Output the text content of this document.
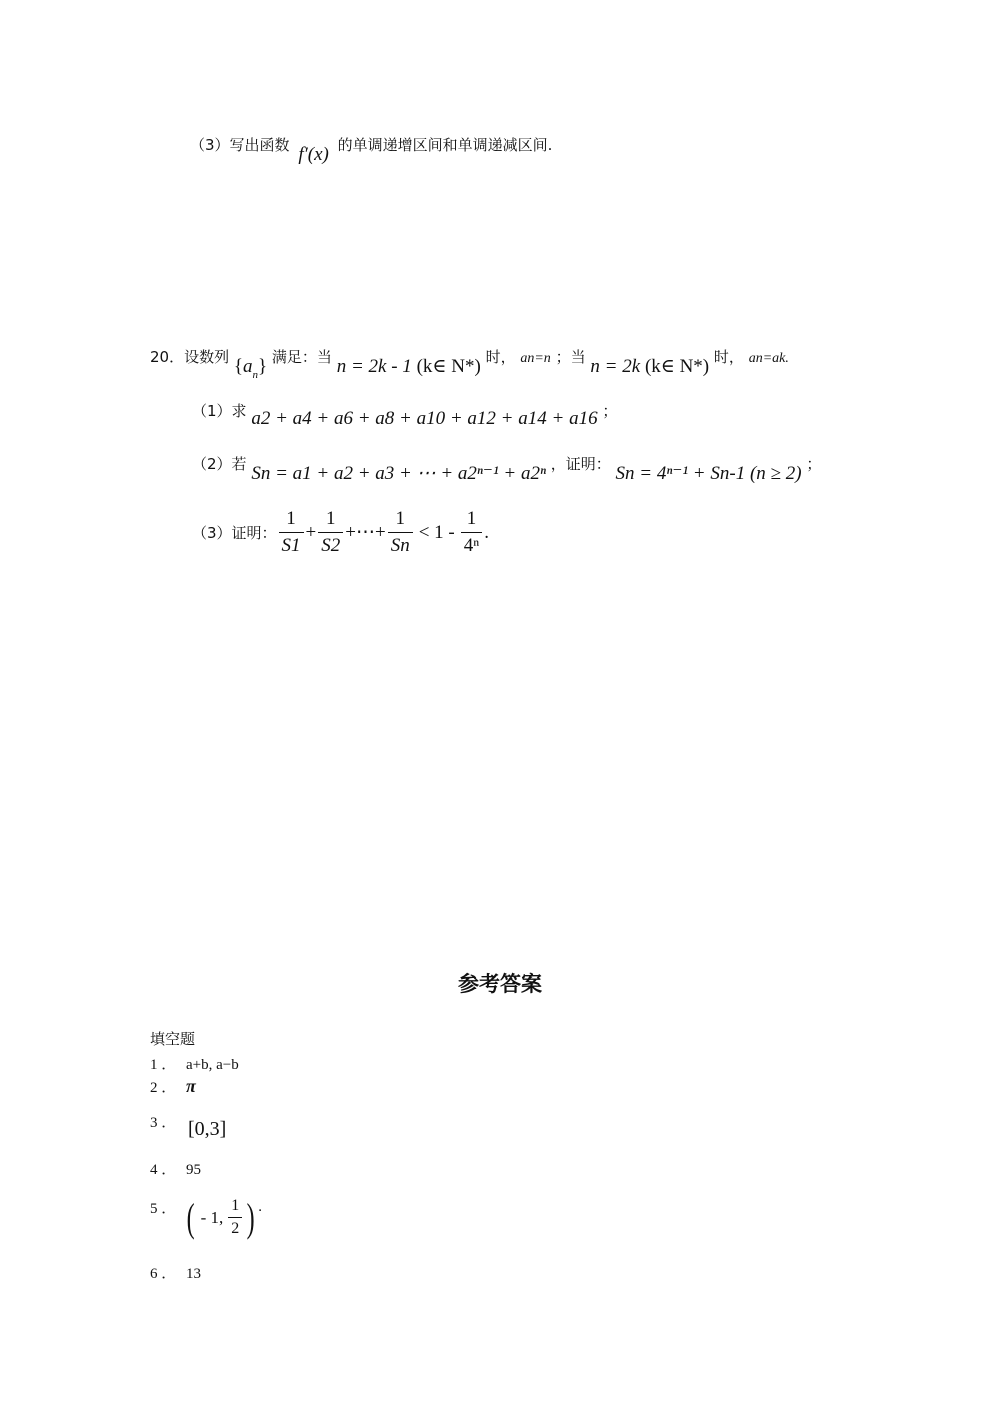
（3）写出函数 f′(x) 的单调递增区间和单调递减区间.
20．设数列 $\{a_n\}$ 满足：当 n = 2k - 1 (k∈ N*) 时， an=n ；当 n = 2k (k∈ N*) 时， an=ak.
（1）求 a2 + a4 + a6 + a8 + a10 + a12 + a14 + a16 ；
（2）若 Sn = a1 + a2 + a3 + ⋯ + a2ⁿ⁻¹ + a2ⁿ ，证明： Sn = 4ⁿ⁻¹ + Sn-1 (n ≥ 2) ；
（3）证明： $\frac{1}{S1} + \frac{1}{S2}$ +⋯+ $\frac{1}{Sn} < 1 - \frac{1}{\text{4ⁿ}}$ .
参考答案
填空题
1 ． a+b, a−b
2 ． π
3 ． [0,3]
4 ． 95
5 ． ( - 1, $\frac{1}{2}$ ) ·
6 ． 13
